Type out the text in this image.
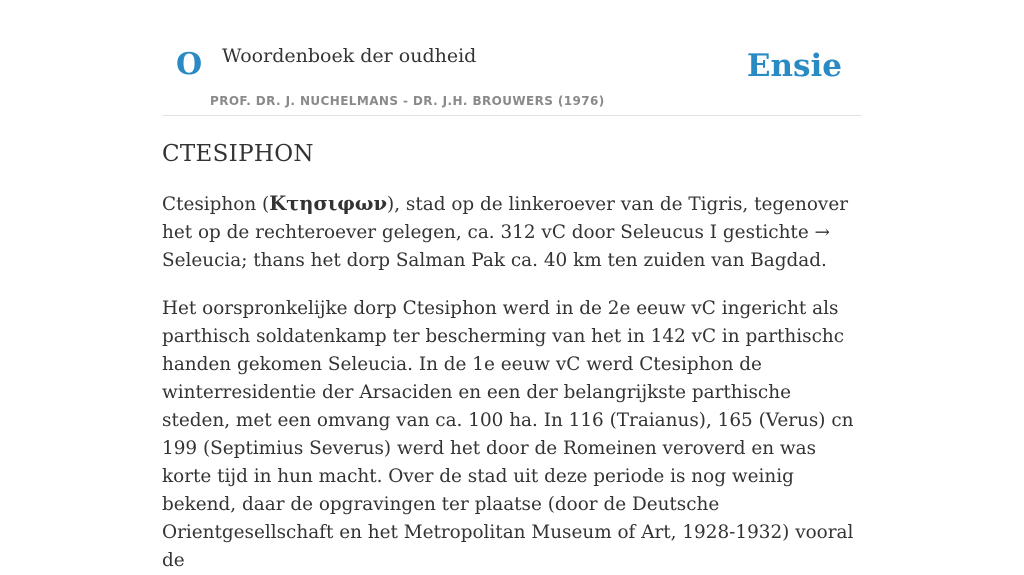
O Woordenboek der oudheid
PROF. DR. J. NUCHELMANS - DR. J.H. BROUWERS (1976)
Ensie
CTESIPHON

Ctesiphon (Κτησιφων), stad op de linkeroever van de Tigris, tegenover het op de rechteroever gelegen, ca. 312 vC door Seleucus I gestichte → Seleucia; thans het dorp Salman Pak ca. 40 km ten zuiden van Bagdad.

Het oorspronkelijke dorp Ctesiphon werd in de 2e eeuw vC ingericht als parthisch soldatenkamp ter bescherming van het in 142 vC in parthischc handen gekomen Seleucia. In de 1e eeuw vC werd Ctesiphon de winterresidentie der Arsaciden en een der belangrijkste parthische steden, met een omvang van ca. 100 ha. In 116 (Traianus), 165 (Verus) cn 199 (Septimius Severus) werd het door de Romeinen veroverd en was korte tijd in hun macht. Over de stad uit deze periode is nog weinig bekend, daar de opgravingen ter plaatse (door de Deutsche Orientgesellschaft en het Metropolitan Museum of Art, 1928-1932) vooral de
